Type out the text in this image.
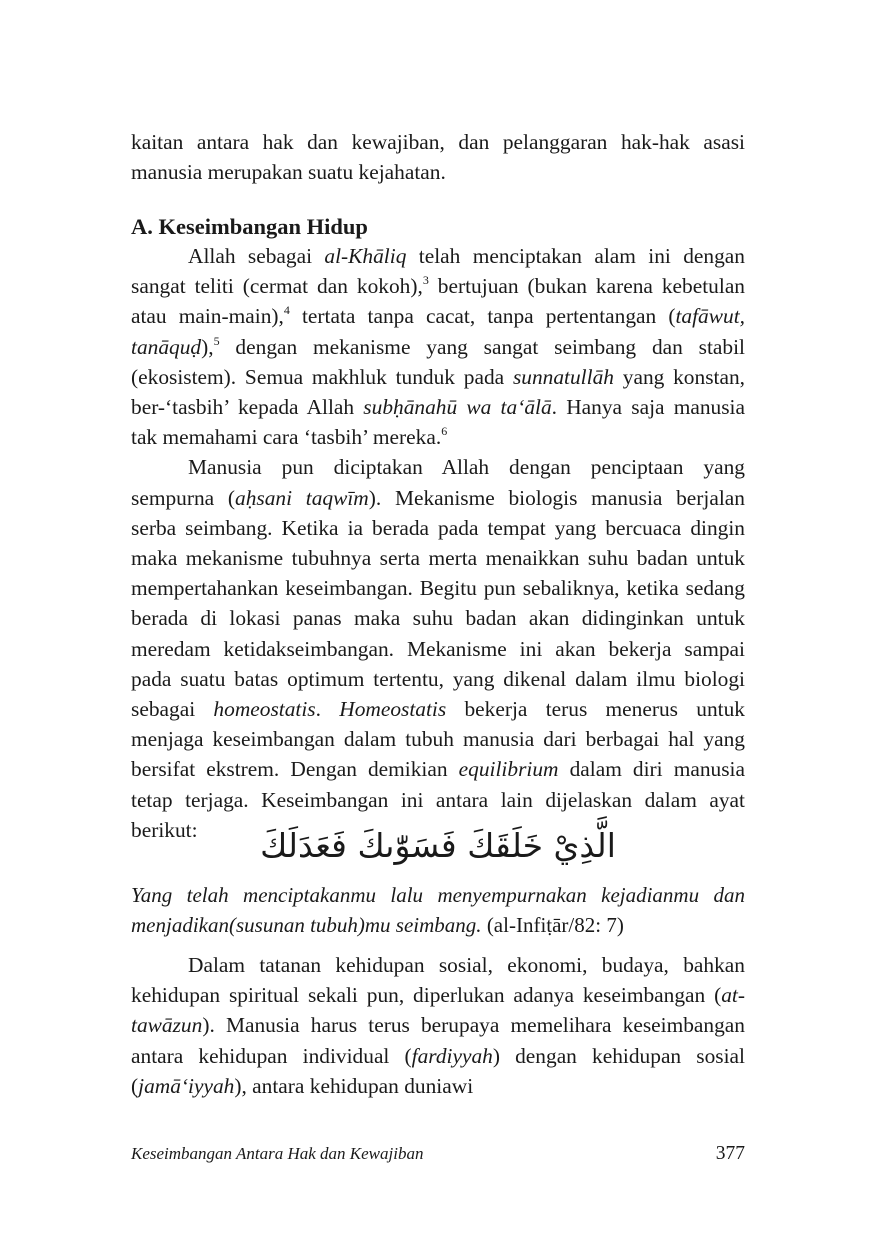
kaitan antara hak dan kewajiban, dan pelanggaran hak-hak asasi manusia merupakan suatu kejahatan.

A. Keseimbangan Hidup

Allah sebagai al-Khāliq telah menciptakan alam ini dengan sangat teliti (cermat dan kokoh),$^3$ bertujuan (bukan karena kebetulan atau main-main),$^4$ tertata tanpa cacat, tanpa pertentangan (tafāwut, tanāquḍ),$^5$ dengan mekanisme yang sangat seimbang dan stabil (ekosistem). Semua makhluk tunduk pada sunnatullāh yang konstan, ber-‘tasbih’ kepada Allah subḥānahū wa ta‘ālā. Hanya saja manusia tak memahami cara ‘tasbih’ mereka.$^6$

Manusia pun diciptakan Allah dengan penciptaan yang sempurna (aḥsani taqwīm). Mekanisme biologis manusia berjalan serba seimbang. Ketika ia berada pada tempat yang bercuaca dingin maka mekanisme tubuhnya serta merta menaikkan suhu badan untuk mempertahankan keseimbangan. Begitu pun sebaliknya, ketika sedang berada di lokasi panas maka suhu badan akan didinginkan untuk meredam ketidakseimbangan. Mekanisme ini akan bekerja sampai pada suatu batas optimum tertentu, yang dikenal dalam ilmu biologi sebagai homeostatis. Homeostatis bekerja terus menerus untuk menjaga keseimbangan dalam tubuh manusia dari berbagai hal yang bersifat ekstrem. Dengan demikian equilibrium dalam diri manusia tetap terjaga. Keseimbangan ini antara lain dijelaskan dalam ayat berikut:	الَّذِيْ خَلَقَكَ فَسَوّٰىكَ فَعَدَلَكَ

Yang telah menciptakanmu lalu menyempurnakan kejadianmu dan menjadikan(susunan tubuh)mu seimbang. (al-Infiṭār/82: 7)

Dalam tatanan kehidupan sosial, ekonomi, budaya, bahkan kehidupan spiritual sekali pun, diperlukan adanya keseimbangan (at-tawāzun). Manusia harus terus berupaya memelihara keseimbangan antara kehidupan individual (fardiyyah) dengan kehidupan sosial (jamā‘iyyah), antara kehidupan duniawi

Keseimbangan Antara Hak dan Kewajiban	377
